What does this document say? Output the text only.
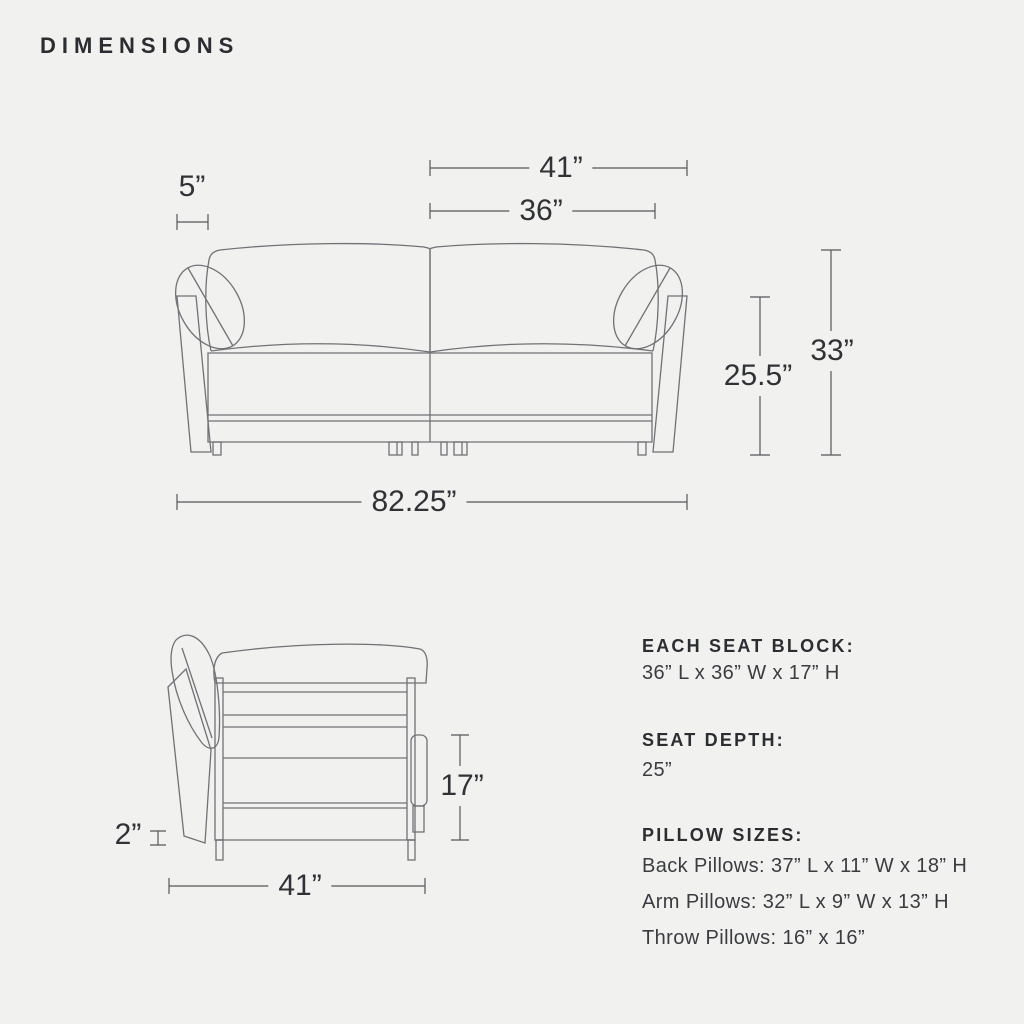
DIMENSIONS
5”
41”
36”
25.5”
33”
82.25”
2”
17”
41”
EACH SEAT BLOCK:
36” L x 36” W x 17” H
SEAT DEPTH:
25”
PILLOW SIZES:
Back Pillows: 37” L x 11” W x 18” H
Arm Pillows: 32” L x 9” W x 13” H
Throw Pillows: 16” x 16”
